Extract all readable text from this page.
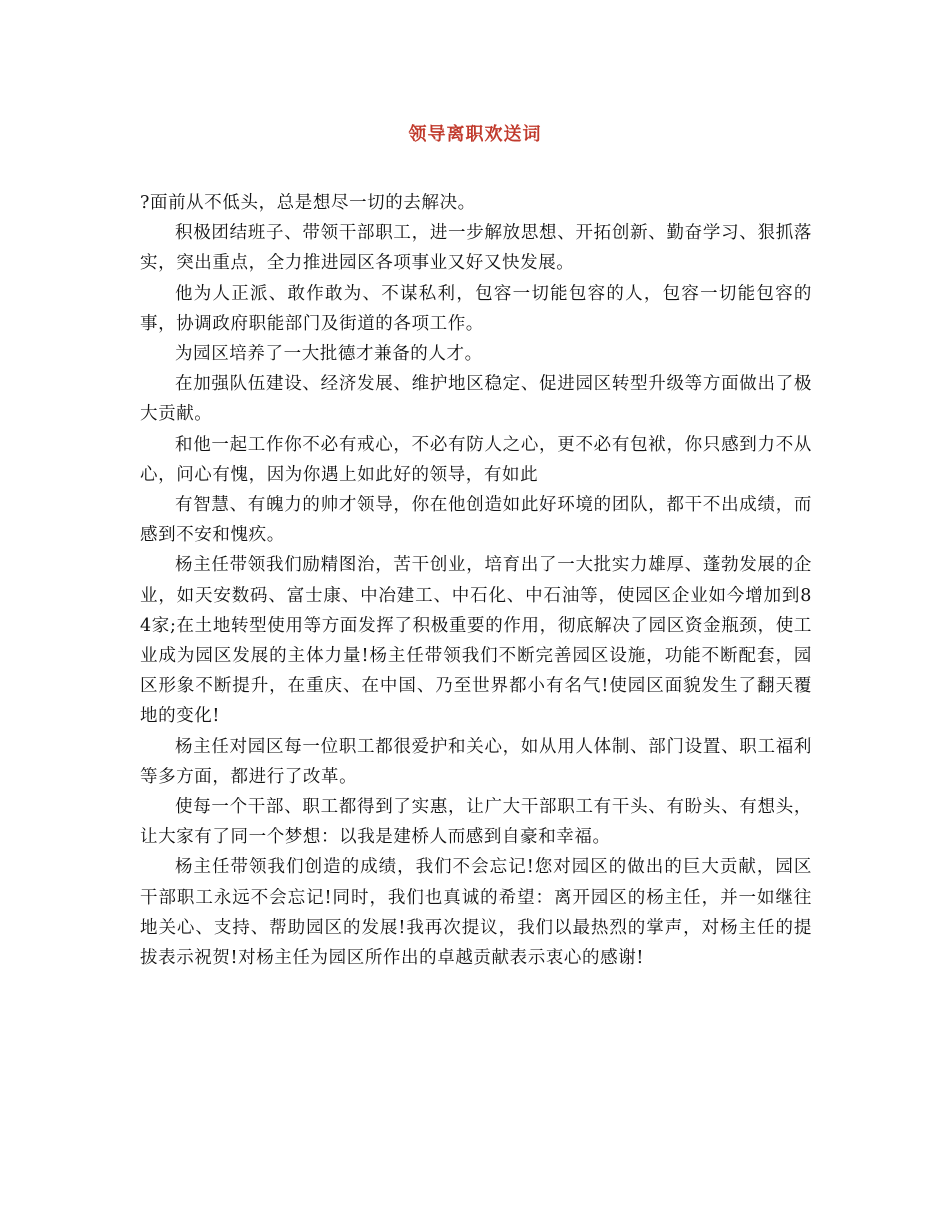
领导离职欢送词

?面前从不低头，总是想尽一切的去解决。

积极团结班子、带领干部职工，进一步解放思想、开拓创新、勤奋学习、狠抓落实，突出重点，全力推进园区各项事业又好又快发展。

他为人正派、敢作敢为、不谋私利，包容一切能包容的人，包容一切能包容的事，协调政府职能部门及街道的各项工作。

为园区培养了一大批德才兼备的人才。

在加强队伍建设、经济发展、维护地区稳定、促进园区转型升级等方面做出了极大贡献。

和他一起工作你不必有戒心，不必有防人之心，更不必有包袱，你只感到力不从心，问心有愧，因为你遇上如此好的领导，有如此

有智慧、有魄力的帅才领导，你在他创造如此好环境的团队，都干不出成绩，而感到不安和愧疚。

杨主任带领我们励精图治，苦干创业，培育出了一大批实力雄厚、蓬勃发展的企业，如天安数码、富士康、中冶建工、中石化、中石油等，使园区企业如今增加到84家;在土地转型使用等方面发挥了积极重要的作用，彻底解决了园区资金瓶颈，使工业成为园区发展的主体力量!杨主任带领我们不断完善园区设施，功能不断配套，园区形象不断提升，在重庆、在中国、乃至世界都小有名气!使园区面貌发生了翻天覆地的变化!

杨主任对园区每一位职工都很爱护和关心，如从用人体制、部门设置、职工福利等多方面，都进行了改革。

使每一个干部、职工都得到了实惠，让广大干部职工有干头、有盼头、有想头，让大家有了同一个梦想：以我是建桥人而感到自豪和幸福。

杨主任带领我们创造的成绩，我们不会忘记!您对园区的做出的巨大贡献，园区干部职工永远不会忘记!同时，我们也真诚的希望：离开园区的杨主任，并一如继往地关心、支持、帮助园区的发展!我再次提议，我们以最热烈的掌声，对杨主任的提拔表示祝贺!对杨主任为园区所作出的卓越贡献表示衷心的感谢!
